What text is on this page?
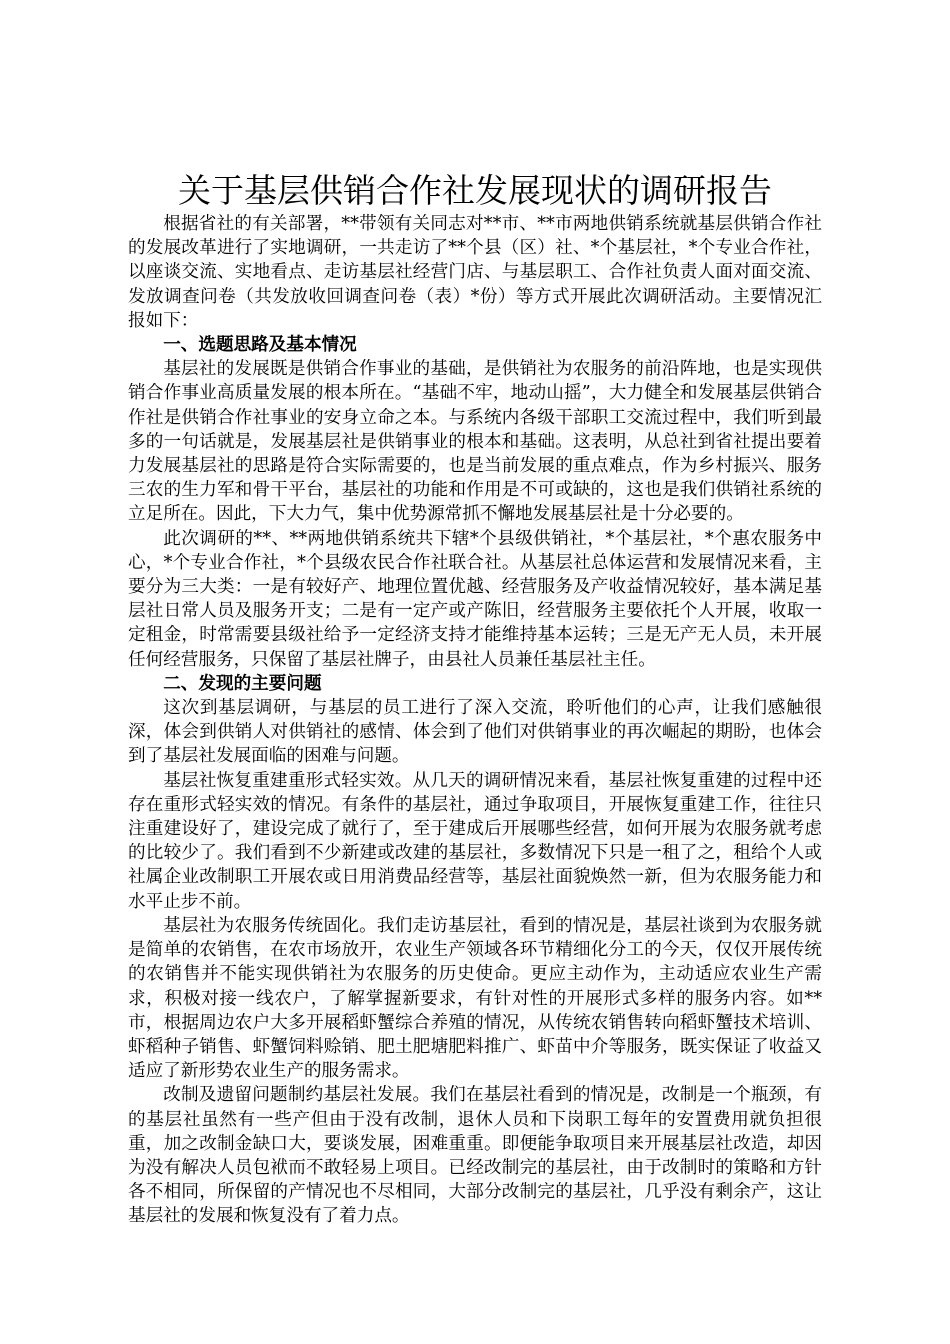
关于基层供销合作社发展现状的调研报告

根据省社的有关部署，**带领有关同志对**市、**市两地供销系统就基层供销合作社的发展改革进行了实地调研，一共走访了**个县（区）社、*个基层社，*个专业合作社，以座谈交流、实地看点、走访基层社经营门店、与基层职工、合作社负责人面对面交流、发放调查问卷（共发放收回调查问卷（表）*份）等方式开展此次调研活动。主要情况汇报如下：

一、选题思路及基本情况

基层社的发展既是供销合作事业的基础，是供销社为农服务的前沿阵地，也是实现供销合作事业高质量发展的根本所在。“基础不牢，地动山摇”，大力健全和发展基层供销合作社是供销合作社事业的安身立命之本。与系统内各级干部职工交流过程中，我们听到最多的一句话就是，发展基层社是供销事业的根本和基础。这表明，从总社到省社提出要着力发展基层社的思路是符合实际需要的，也是当前发展的重点难点，作为乡村振兴、服务三农的生力军和骨干平台，基层社的功能和作用是不可或缺的，这也是我们供销社系统的立足所在。因此，下大力气，集中优势源常抓不懈地发展基层社是十分必要的。

此次调研的**、**两地供销系统共下辖*个县级供销社，*个基层社，*个惠农服务中心，*个专业合作社，*个县级农民合作社联合社。从基层社总体运营和发展情况来看，主要分为三大类：一是有较好产、地理位置优越、经营服务及产收益情况较好，基本满足基层社日常人员及服务开支；二是有一定产或产陈旧，经营服务主要依托个人开展，收取一定租金，时常需要县级社给予一定经济支持才能维持基本运转；三是无产无人员，未开展任何经营服务，只保留了基层社牌子，由县社人员兼任基层社主任。

二、发现的主要问题

这次到基层调研，与基层的员工进行了深入交流，聆听他们的心声，让我们感触很深，体会到供销人对供销社的感情、体会到了他们对供销事业的再次崛起的期盼，也体会到了基层社发展面临的困难与问题。

基层社恢复重建重形式轻实效。从几天的调研情况来看，基层社恢复重建的过程中还存在重形式轻实效的情况。有条件的基层社，通过争取项目，开展恢复重建工作，往往只注重建设好了，建设完成了就行了，至于建成后开展哪些经营，如何开展为农服务就考虑的比较少了。我们看到不少新建或改建的基层社，多数情况下只是一租了之，租给个人或社属企业改制职工开展农或日用消费品经营等，基层社面貌焕然一新，但为农服务能力和水平止步不前。

基层社为农服务传统固化。我们走访基层社，看到的情况是，基层社谈到为农服务就是简单的农销售，在农市场放开，农业生产领域各环节精细化分工的今天，仅仅开展传统的农销售并不能实现供销社为农服务的历史使命。更应主动作为，主动适应农业生产需求，积极对接一线农户，了解掌握新要求，有针对性的开展形式多样的服务内容。如**市，根据周边农户大多开展稻虾蟹综合养殖的情况，从传统农销售转向稻虾蟹技术培训、虾稻种子销售、虾蟹饲料赊销、肥土肥塘肥料推广、虾苗中介等服务，既实保证了收益又适应了新形势农业生产的服务需求。

改制及遗留问题制约基层社发展。我们在基层社看到的情况是，改制是一个瓶颈，有的基层社虽然有一些产但由于没有改制，退休人员和下岗职工每年的安置费用就负担很重，加之改制金缺口大，要谈发展，困难重重。即便能争取项目来开展基层社改造，却因为没有解决人员包袱而不敢轻易上项目。已经改制完的基层社，由于改制时的策略和方针各不相同，所保留的产情况也不尽相同，大部分改制完的基层社，几乎没有剩余产，这让基层社的发展和恢复没有了着力点。
